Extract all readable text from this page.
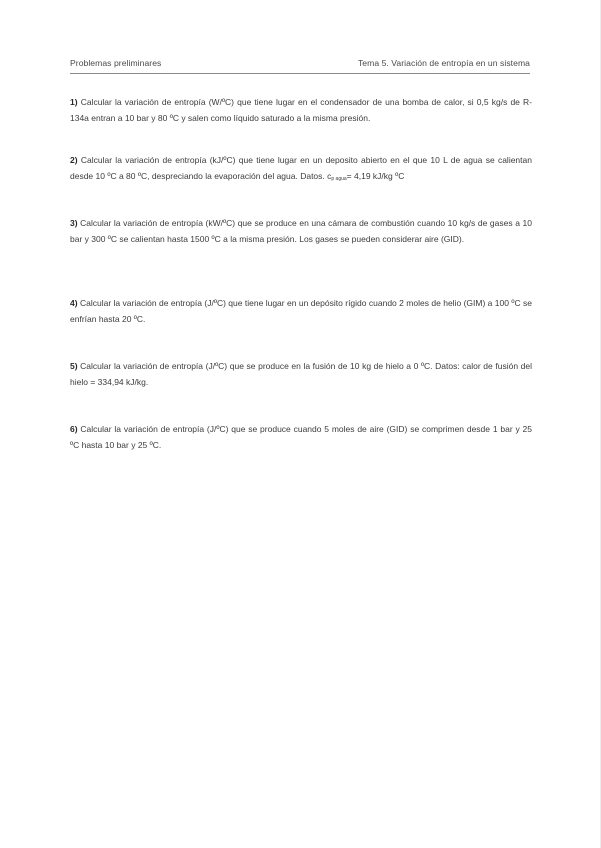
Problemas preliminares	Tema 5. Variación de entropía en un sistema
1) Calcular la variación de entropía (W/ºC) que tiene lugar en el condensador de una bomba de calor, si 0,5 kg/s de R-134a entran a 10 bar y 80 ºC y salen como líquido saturado a la misma presión.
2) Calcular la variación de entropía (kJ/ºC) que tiene lugar en un deposito abierto en el que 10 L de agua se calientan desde 10 ºC a 80 ºC, despreciando la evaporación del agua. Datos. $c_{p agua}= 4,19$ kJ/kg ºC
3) Calcular la variación de entropía (kW/ºC) que se produce en una cámara de combustión cuando 10 kg/s de gases a 10 bar y 300 ºC se calientan hasta 1500 ºC a la misma presión. Los gases se pueden considerar aire (GID).
4) Calcular la variación de entropía (J/ºC) que tiene lugar en un depósito rígido cuando 2 moles de helio (GIM) a 100 ºC se enfrían hasta 20 ºC.
5) Calcular la variación de entropía (J/ºC) que se produce en la fusión de 10 kg de hielo a 0 ºC. Datos: calor de fusión del hielo = 334,94 kJ/kg.
6) Calcular la variación de entropía (J/ºC) que se produce cuando 5 moles de aire (GID) se comprimen desde 1 bar y 25 ºC hasta 10 bar y 25 ºC.
